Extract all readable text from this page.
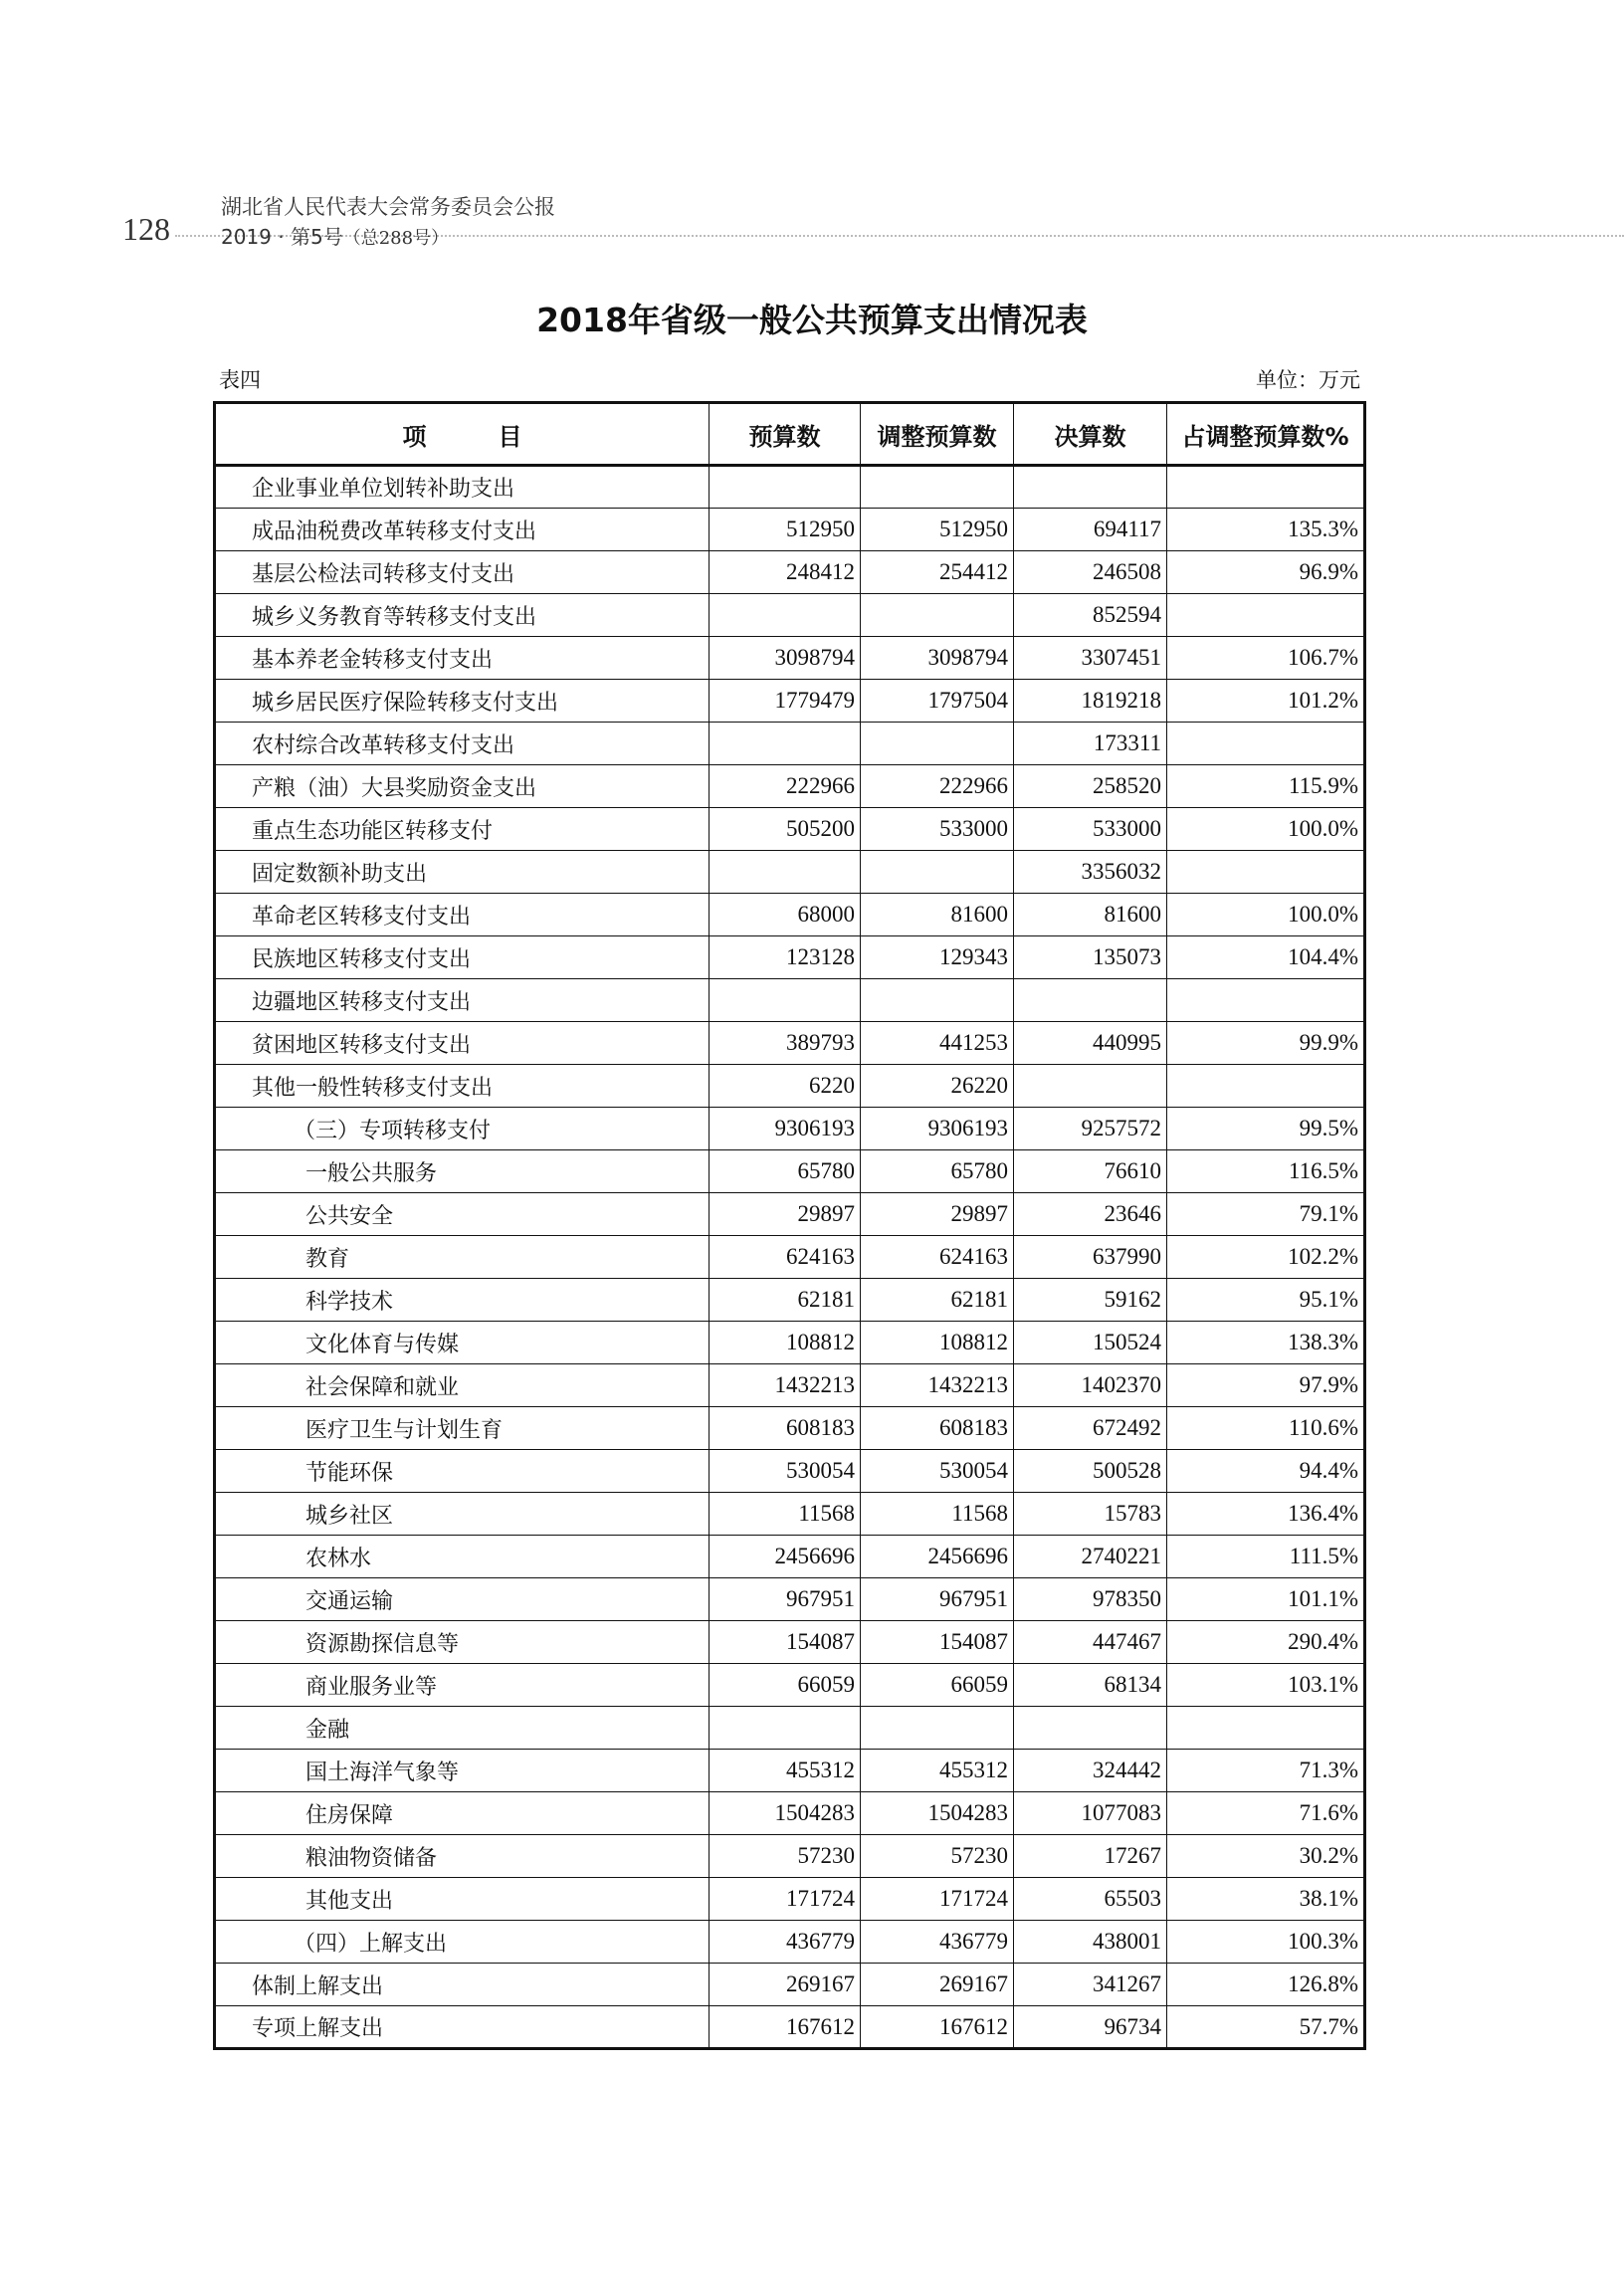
128
湖北省人民代表大会常务委员会公报
2019 · 第5号（总288号）
2018年省级一般公共预算支出情况表
表四	单位：万元
项　　　目	预算数	调整预算数	决算数	占调整预算数%
企业事业单位划转补助支出				
成品油税费改革转移支付支出	512950	512950	694117	135.3%
基层公检法司转移支付支出	248412	254412	246508	96.9%
城乡义务教育等转移支付支出			852594	
基本养老金转移支付支出	3098794	3098794	3307451	106.7%
城乡居民医疗保险转移支付支出	1779479	1797504	1819218	101.2%
农村综合改革转移支付支出			173311	
产粮（油）大县奖励资金支出	222966	222966	258520	115.9%
重点生态功能区转移支付	505200	533000	533000	100.0%
固定数额补助支出			3356032	
革命老区转移支付支出	68000	81600	81600	100.0%
民族地区转移支付支出	123128	129343	135073	104.4%
边疆地区转移支付支出				
贫困地区转移支付支出	389793	441253	440995	99.9%
其他一般性转移支付支出	6220	26220		
（三）专项转移支付	9306193	9306193	9257572	99.5%
一般公共服务	65780	65780	76610	116.5%
公共安全	29897	29897	23646	79.1%
教育	624163	624163	637990	102.2%
科学技术	62181	62181	59162	95.1%
文化体育与传媒	108812	108812	150524	138.3%
社会保障和就业	1432213	1432213	1402370	97.9%
医疗卫生与计划生育	608183	608183	672492	110.6%
节能环保	530054	530054	500528	94.4%
城乡社区	11568	11568	15783	136.4%
农林水	2456696	2456696	2740221	111.5%
交通运输	967951	967951	978350	101.1%
资源勘探信息等	154087	154087	447467	290.4%
商业服务业等	66059	66059	68134	103.1%
金融				
国土海洋气象等	455312	455312	324442	71.3%
住房保障	1504283	1504283	1077083	71.6%
粮油物资储备	57230	57230	17267	30.2%
其他支出	171724	171724	65503	38.1%
（四）上解支出	436779	436779	438001	100.3%
体制上解支出	269167	269167	341267	126.8%
专项上解支出	167612	167612	96734	57.7%
